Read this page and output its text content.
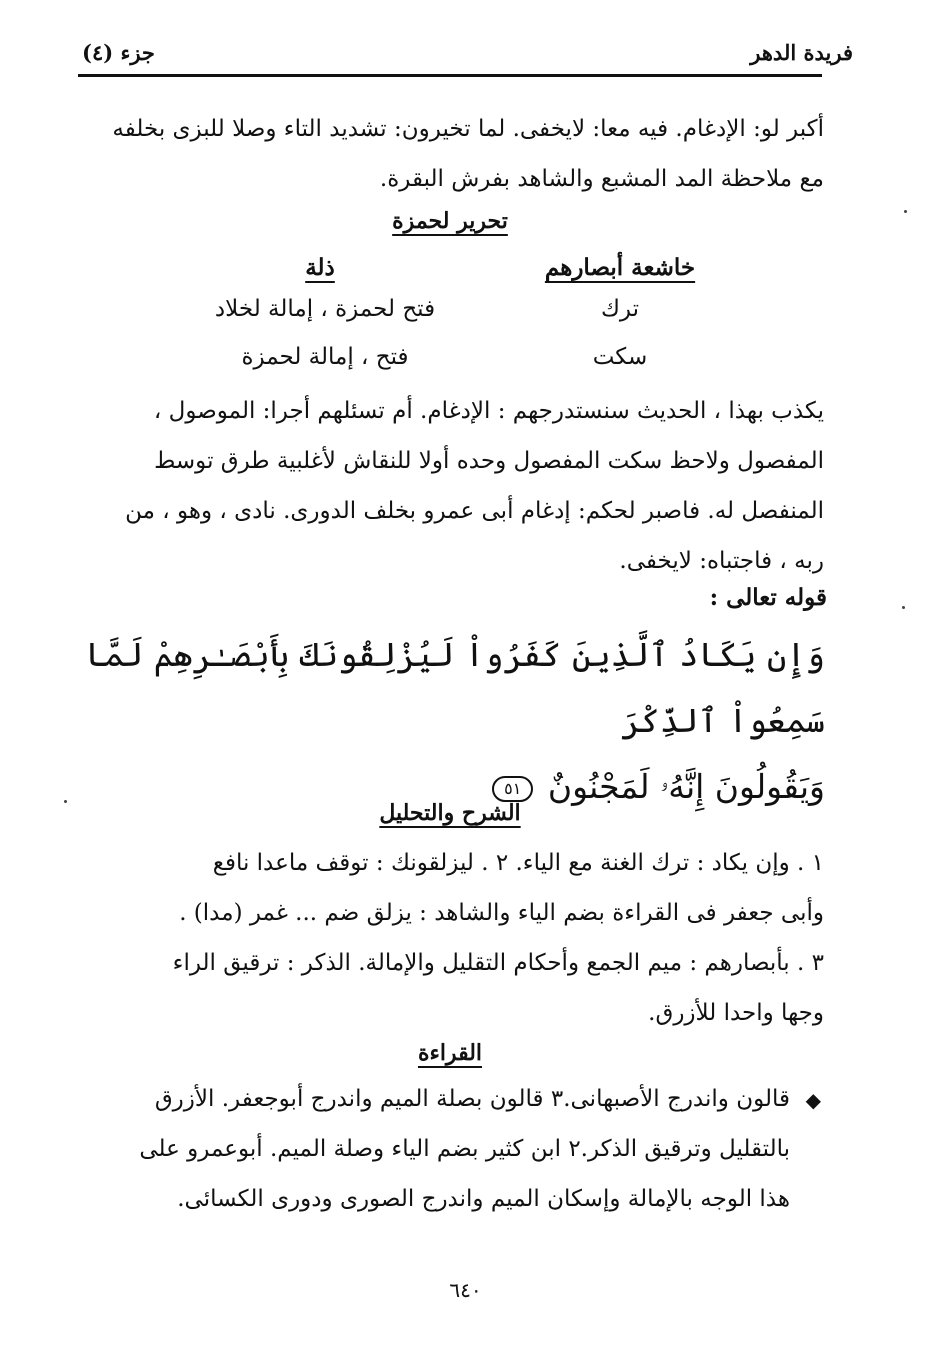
فريدة الدهر
جزء (٤)
أكبر لو: الإدغام. فيه معا: لايخفى. لما تخيرون: تشديد التاء وصلا للبزى بخلفه
مع ملاحظة المد المشبع والشاهد بفرش البقرة.
تحرير لحمزة
خاشعة أبصارهم
ذلة
ترك
فتح لحمزة ، إمالة لخلاد
سكت
فتح ، إمالة لحمزة
يكذب بهذا ، الحديث سنستدرجهم : الإدغام. أم تسئلهم أجرا: الموصول ،
المفصول ولاحظ سكت المفصول وحده أولا للنقاش لأغلبية طرق توسط
المنفصل له. فاصبر لحكم: إدغام أبى عمرو بخلف الدورى. نادى ، وهو ، من
ربه ، فاجتباه: لايخفى.
قوله تعالى :
وَإِن يَكَادُ ٱلَّذِينَ كَفَرُواْ لَيُزْلِقُونَكَ بِأَبْصَـٰرِهِمْ لَمَّا سَمِعُواْ ٱلذِّكْرَ
وَيَقُولُونَ إِنَّهُۥ لَمَجْنُونٌ ٥١
الشرح والتحليل
١ . وإن يكاد : ترك الغنة مع الياء. ٢ . ليزلقونك : توقف ماعدا نافع
وأبى جعفر فى القراءة بضم الياء والشاهد : يزلق ضم ... غمر (مدا) .
٣ . بأبصارهم : ميم الجمع وأحكام التقليل والإمالة. الذكر : ترقيق الراء
وجها واحدا للأزرق.
القراءة
◆
قالون واندرج الأصبهانى.٣ قالون بصلة الميم واندرج أبوجعفر. الأزرق
بالتقليل وترقيق الذكر.٢ ابن كثير بضم الياء وصلة الميم. أبوعمرو على
هذا الوجه بالإمالة وإسكان الميم واندرج الصورى ودورى الكسائى.
٦٤٠
